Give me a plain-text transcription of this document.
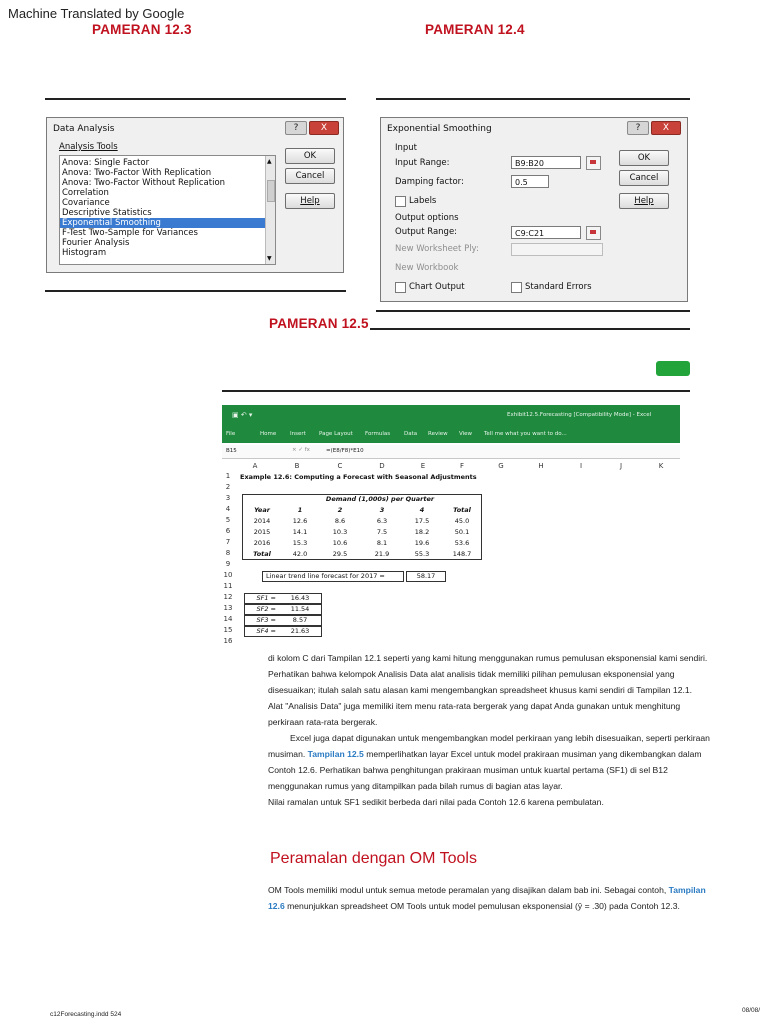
Machine Translated by Google
PAMERAN 12.3	PAMERAN 12.4
Data Analysis	?	X
Analysis Tools
Anova: Single Factor
Anova: Two-Factor With Replication
Anova: Two-Factor Without Replication
Correlation
Covariance
Descriptive Statistics
Exponential Smoothing
F-Test Two-Sample for Variances
Fourier Analysis
Histogram
▲
▼
OK
Cancel
Help
Exponential Smoothing	?	X
Input
Input Range:	B9:B20
Damping factor:	0.5
Labels
Output options
Output Range:	C9:C21
New Worksheet Ply:
New Workbook
Chart Output	Standard Errors
OK
Cancel
Help
PAMERAN 12.5
▣ ↶ ▾	Exhibit12.5.Forecasting [Compatibility Mode] - Excel
File	Home	Insert Page Layout Formulas	Data Review View Tell me what you want to do...
B15	× ✓ fx	=(E8/F8)*E10
A	B	C	D	E	F	G	H	I	J	K
1
2
3
4
5
6
7
8
9
10
11
12
13
14
15
16
Example 12.6: Computing a Forecast with Seasonal Adjustments
Demand (1,000s) per Quarter
Year	1	2	3	4	Total
2014	12.6	8.6	6.3	17.5	45.0
2015	14.1	10.3	7.5	18.2	50.1
2016	15.3	10.6	8.1	19.6	53.6
Total	42.0	29.5	21.9	55.3	148.7
Linear trend line forecast for 2017 =	58.17
SF1 =	16.43
SF2 =	11.54
SF3 =	8.57
SF4 =	21.63
di kolom C dari Tampilan 12.1 seperti yang kami hitung menggunakan rumus pemulusan eksponensial kami sendiri.
Perhatikan bahwa kelompok Analisis Data alat analisis tidak memiliki pilihan pemulusan eksponensial yang
disesuaikan; itulah salah satu alasan kami mengembangkan spreadsheet khusus kami sendiri di Tampilan 12.1.
Alat "Analisis Data" juga memiliki item menu rata-rata bergerak yang dapat Anda gunakan untuk menghitung
perkiraan rata-rata bergerak.
Excel juga dapat digunakan untuk mengembangkan model perkiraan yang lebih disesuaikan, seperti perkiraan
musiman. Tampilan 12.5 memperlihatkan layar Excel untuk model prakiraan musiman yang dikembangkan dalam
Contoh 12.6. Perhatikan bahwa penghitungan prakiraan musiman untuk kuartal pertama (SF1) di sel B12
menggunakan rumus yang ditampilkan pada bilah rumus di bagian atas layar.
Nilai ramalan untuk SF1 sedikit berbeda dari nilai pada Contoh 12.6 karena pembulatan.
Peramalan dengan OM Tools
OM Tools memiliki modul untuk semua metode peramalan yang disajikan dalam bab ini. Sebagai contoh, Tampilan
12.6 menunjukkan spreadsheet OM Tools untuk model pemulusan eksponensial (ŷ = .30) pada Contoh 12.3.
c12Forecasting.indd 524
08/08/
